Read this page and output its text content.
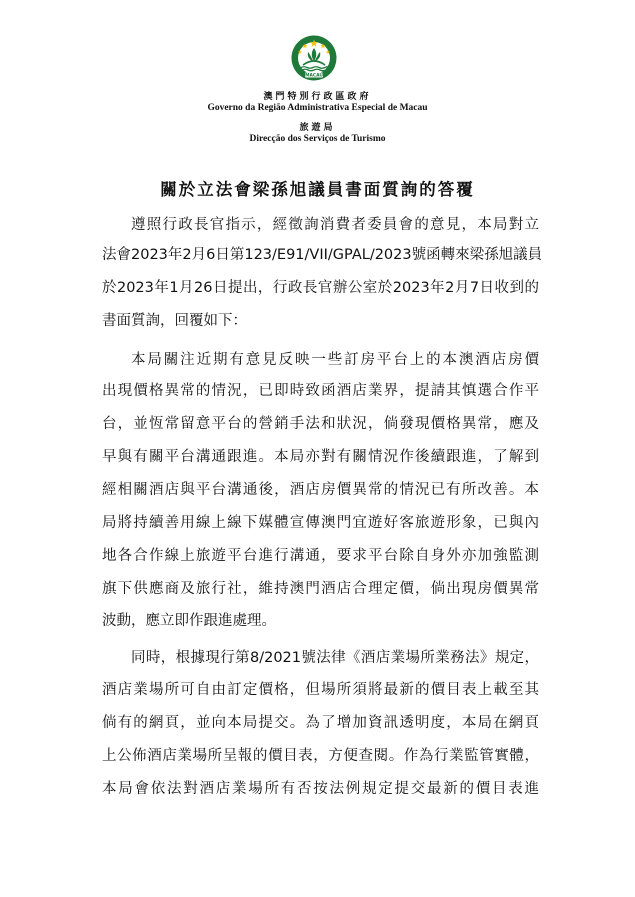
MACAU
澳門特別行政區政府
Governo da Região Administrativa Especial de Macau
旅遊局
Direcção dos Serviços de Turismo
關於立法會梁孫旭議員書面質詢的答覆
遵照行政長官指示，經徵詢消費者委員會的意見，本局對立
法會2023年2月6日第123/E91/VII/GPAL/2023號函轉來梁孫旭議員
於2023年1月26日提出，行政長官辦公室於2023年2月7日收到的
書面質詢，回覆如下：
本局關注近期有意見反映一些訂房平台上的本澳酒店房價
出現價格異常的情況，已即時致函酒店業界，提請其慎選合作平
台，並恆常留意平台的營銷手法和狀況，倘發現價格異常，應及
早與有關平台溝通跟進。本局亦對有關情況作後續跟進，了解到
經相關酒店與平台溝通後，酒店房價異常的情況已有所改善。本
局將持續善用線上線下媒體宣傳澳門宜遊好客旅遊形象，已與內
地各合作線上旅遊平台進行溝通，要求平台除自身外亦加強監測
旗下供應商及旅行社，維持澳門酒店合理定價，倘出現房價異常
波動，應立即作跟進處理。
同時，根據現行第8/2021號法律《酒店業場所業務法》規定，
酒店業場所可自由訂定價格，但場所須將最新的價目表上載至其
倘有的網頁，並向本局提交。為了增加資訊透明度，本局在網頁
上公佈酒店業場所呈報的價目表，方便查閱。作為行業監管實體，
本局會依法對酒店業場所有否按法例規定提交最新的價目表進
